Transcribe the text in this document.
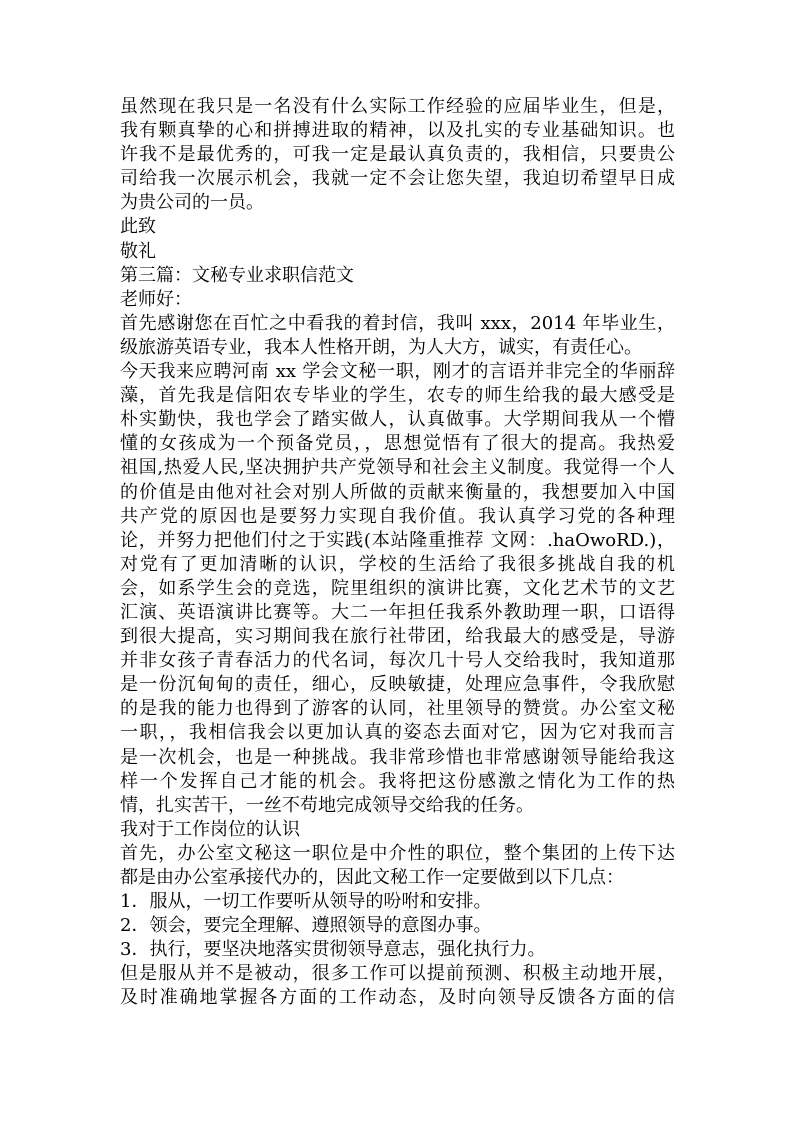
虽然现在我只是一名没有什么实际工作经验的应届毕业生，但是，
我有颗真挚的心和拼搏进取的精神，以及扎实的专业基础知识。也
许我不是最优秀的，可我一定是最认真负责的，我相信，只要贵公
司给我一次展示机会，我就一定不会让您失望，我迫切希望早日成
为贵公司的一员。
此致
敬礼
第三篇：文秘专业求职信范文
老师好：
首先感谢您在百忙之中看我的着封信，我叫 xxx，2014 年毕业生，
级旅游英语专业，我本人性格开朗，为人大方，诚实，有责任心。
今天我来应聘河南 xx 学会文秘一职，刚才的言语并非完全的华丽辞
藻，首先我是信阳农专毕业的学生，农专的师生给我的最大感受是
朴实勤快，我也学会了踏实做人，认真做事。大学期间我从一个懵
懂的女孩成为一个预备党员，，思想觉悟有了很大的提高。我热爱
祖国,热爱人民,坚决拥护共产党领导和社会主义制度。我觉得一个人
的价值是由他对社会对别人所做的贡献来衡量的，我想要加入中国
共产党的原因也是要努力实现自我价值。我认真学习党的各种理
论，并努力把他们付之于实践(本站隆重推荐 文网：.haOwoRD.)，
对党有了更加清晰的认识，学校的生活给了我很多挑战自我的机
会，如系学生会的竞选，院里组织的演讲比赛，文化艺术节的文艺
汇演、英语演讲比赛等。大二一年担任我系外教助理一职，口语得
到很大提高，实习期间我在旅行社带团，给我最大的感受是，导游
并非女孩子青春活力的代名词，每次几十号人交给我时，我知道那
是一份沉甸甸的责任，细心，反映敏捷，处理应急事件，令我欣慰
的是我的能力也得到了游客的认同，社里领导的赞赏。办公室文秘
一职，，我相信我会以更加认真的姿态去面对它，因为它对我而言
是一次机会，也是一种挑战。我非常珍惜也非常感谢领导能给我这
样一个发挥自己才能的机会。我将把这份感激之情化为工作的热
情，扎实苦干，一丝不苟地完成领导交给我的任务。
我对于工作岗位的认识
首先，办公室文秘这一职位是中介性的职位，整个集团的上传下达
都是由办公室承接代办的，因此文秘工作一定要做到以下几点：
1．服从，一切工作要听从领导的吩咐和安排。
2．领会，要完全理解、遵照领导的意图办事。
3．执行，要坚决地落实贯彻领导意志，强化执行力。
但是服从并不是被动，很多工作可以提前预测、积极主动地开展，
及时准确地掌握各方面的工作动态，及时向领导反馈各方面的信
